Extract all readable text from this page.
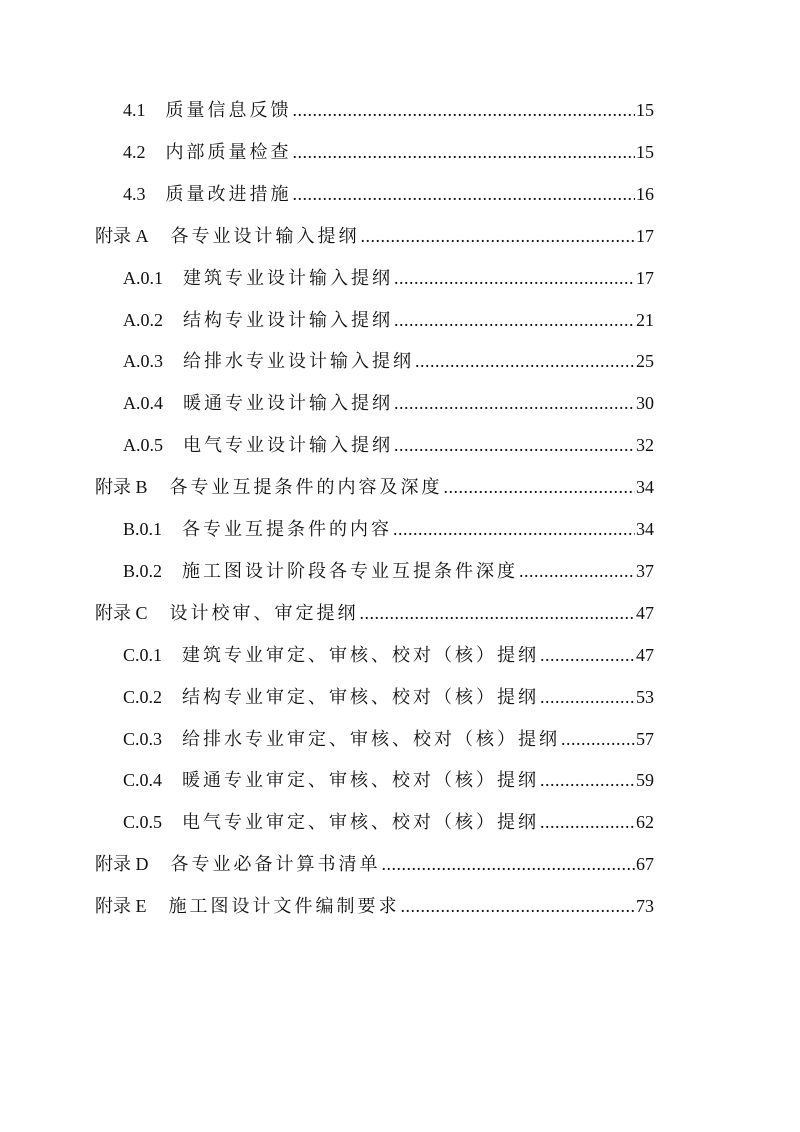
4.1 质量信息反馈 .....	15
4.2 内部质量检查 .....	15
4.3 质量改进措施 .....	16
附录 A 各专业设计输入提纲 .....	17
A.0.1 建筑专业设计输入提纲 .....	17
A.0.2 结构专业设计输入提纲 .....	21
A.0.3 给排水专业设计输入提纲 .....	25
A.0.4 暖通专业设计输入提纲 .....	30
A.0.5 电气专业设计输入提纲 .....	32
附录 B 各专业互提条件的内容及深度 .....	34
B.0.1 各专业互提条件的内容 .....	34
B.0.2 施工图设计阶段各专业互提条件深度 .....	37
附录 C 设计校审、审定提纲 .....	47
C.0.1 建筑专业审定、审核、校对（核）提纲 .....	47
C.0.2 结构专业审定、审核、校对（核）提纲 .....	53
C.0.3 给排水专业审定、审核、校对（核）提纲 .....	57
C.0.4 暖通专业审定、审核、校对（核）提纲 .....	59
C.0.5 电气专业审定、审核、校对（核）提纲 .....	62
附录 D 各专业必备计算书清单 .....	67
附录 E 施工图设计文件编制要求 .....	73
